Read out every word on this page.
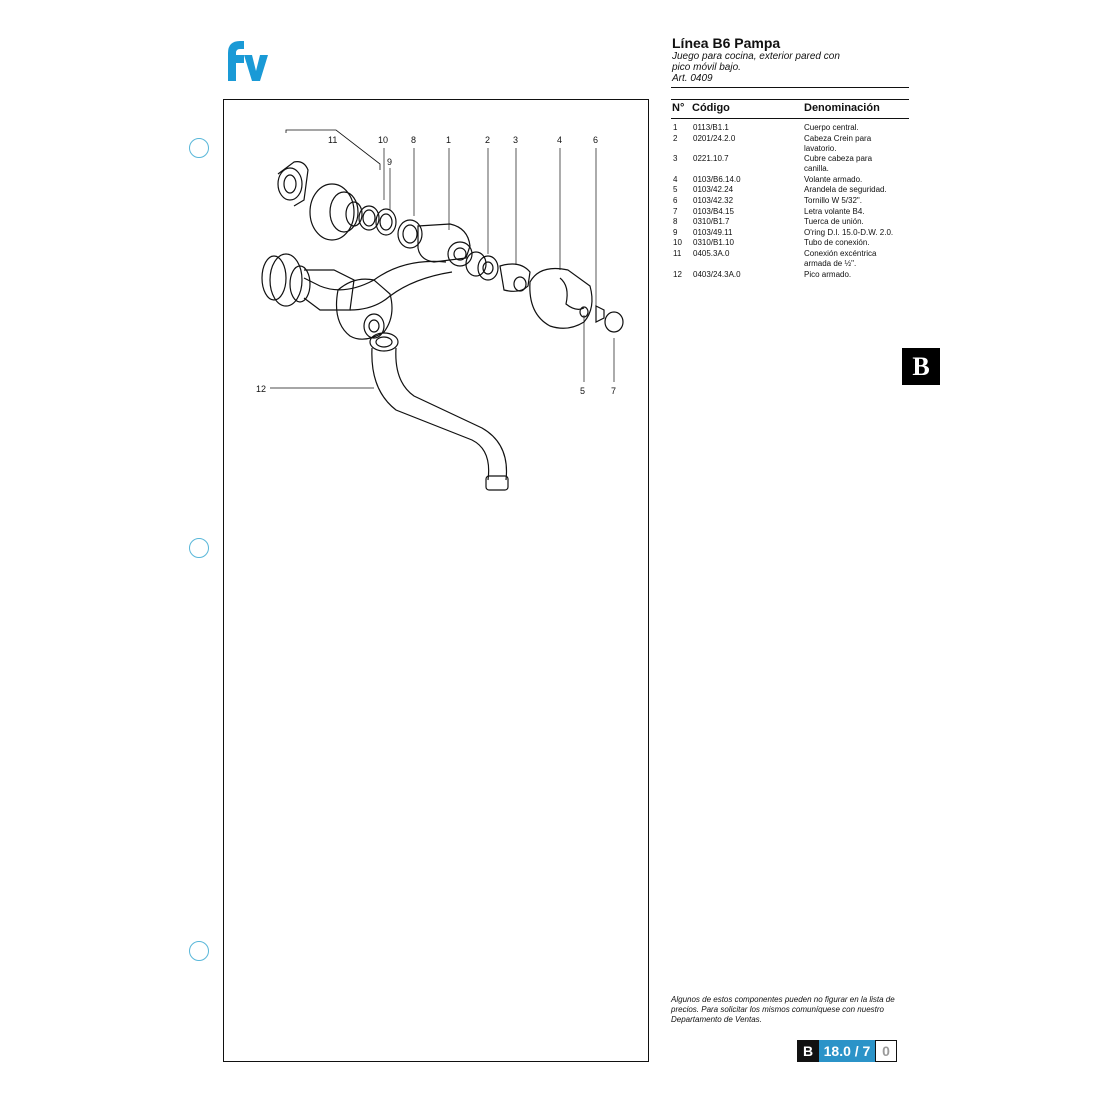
Línea B6 Pampa

Juego para cocina, exterior pared con
pico móvil bajo.

Art. 0409
11	10	8	1	2	3	4	6
9
12	5	7
N° Código	Denominación
1 0113/B1.1	Cuerpo central.
2 0201/24.2.0	Cabeza Crein para
lavatorio.
3 0221.10.7	Cubre cabeza para
canilla.
4 0103/B6.14.0	Volante armado.
5 0103/42.24	Arandela de seguridad.
6 0103/42.32	Tornillo W 5/32".
7 0103/B4.15	Letra volante B4.
8 0310/B1.7	Tuerca de unión.
9 0103/49.11	O'ring D.I. 15.0-D.W. 2.0.
10 0310/B1.10	Tubo de conexión.
11 0405.3A.0	Conexión excéntrica
armada de ½".
12 0403/24.3A.0	Pico armado.
B
Algunos de estos componentes pueden no figurar en la lista de precios. Para solicitar los mismos comuníquese con nuestro Departamento de Ventas.
B 18.0 / 7 0
